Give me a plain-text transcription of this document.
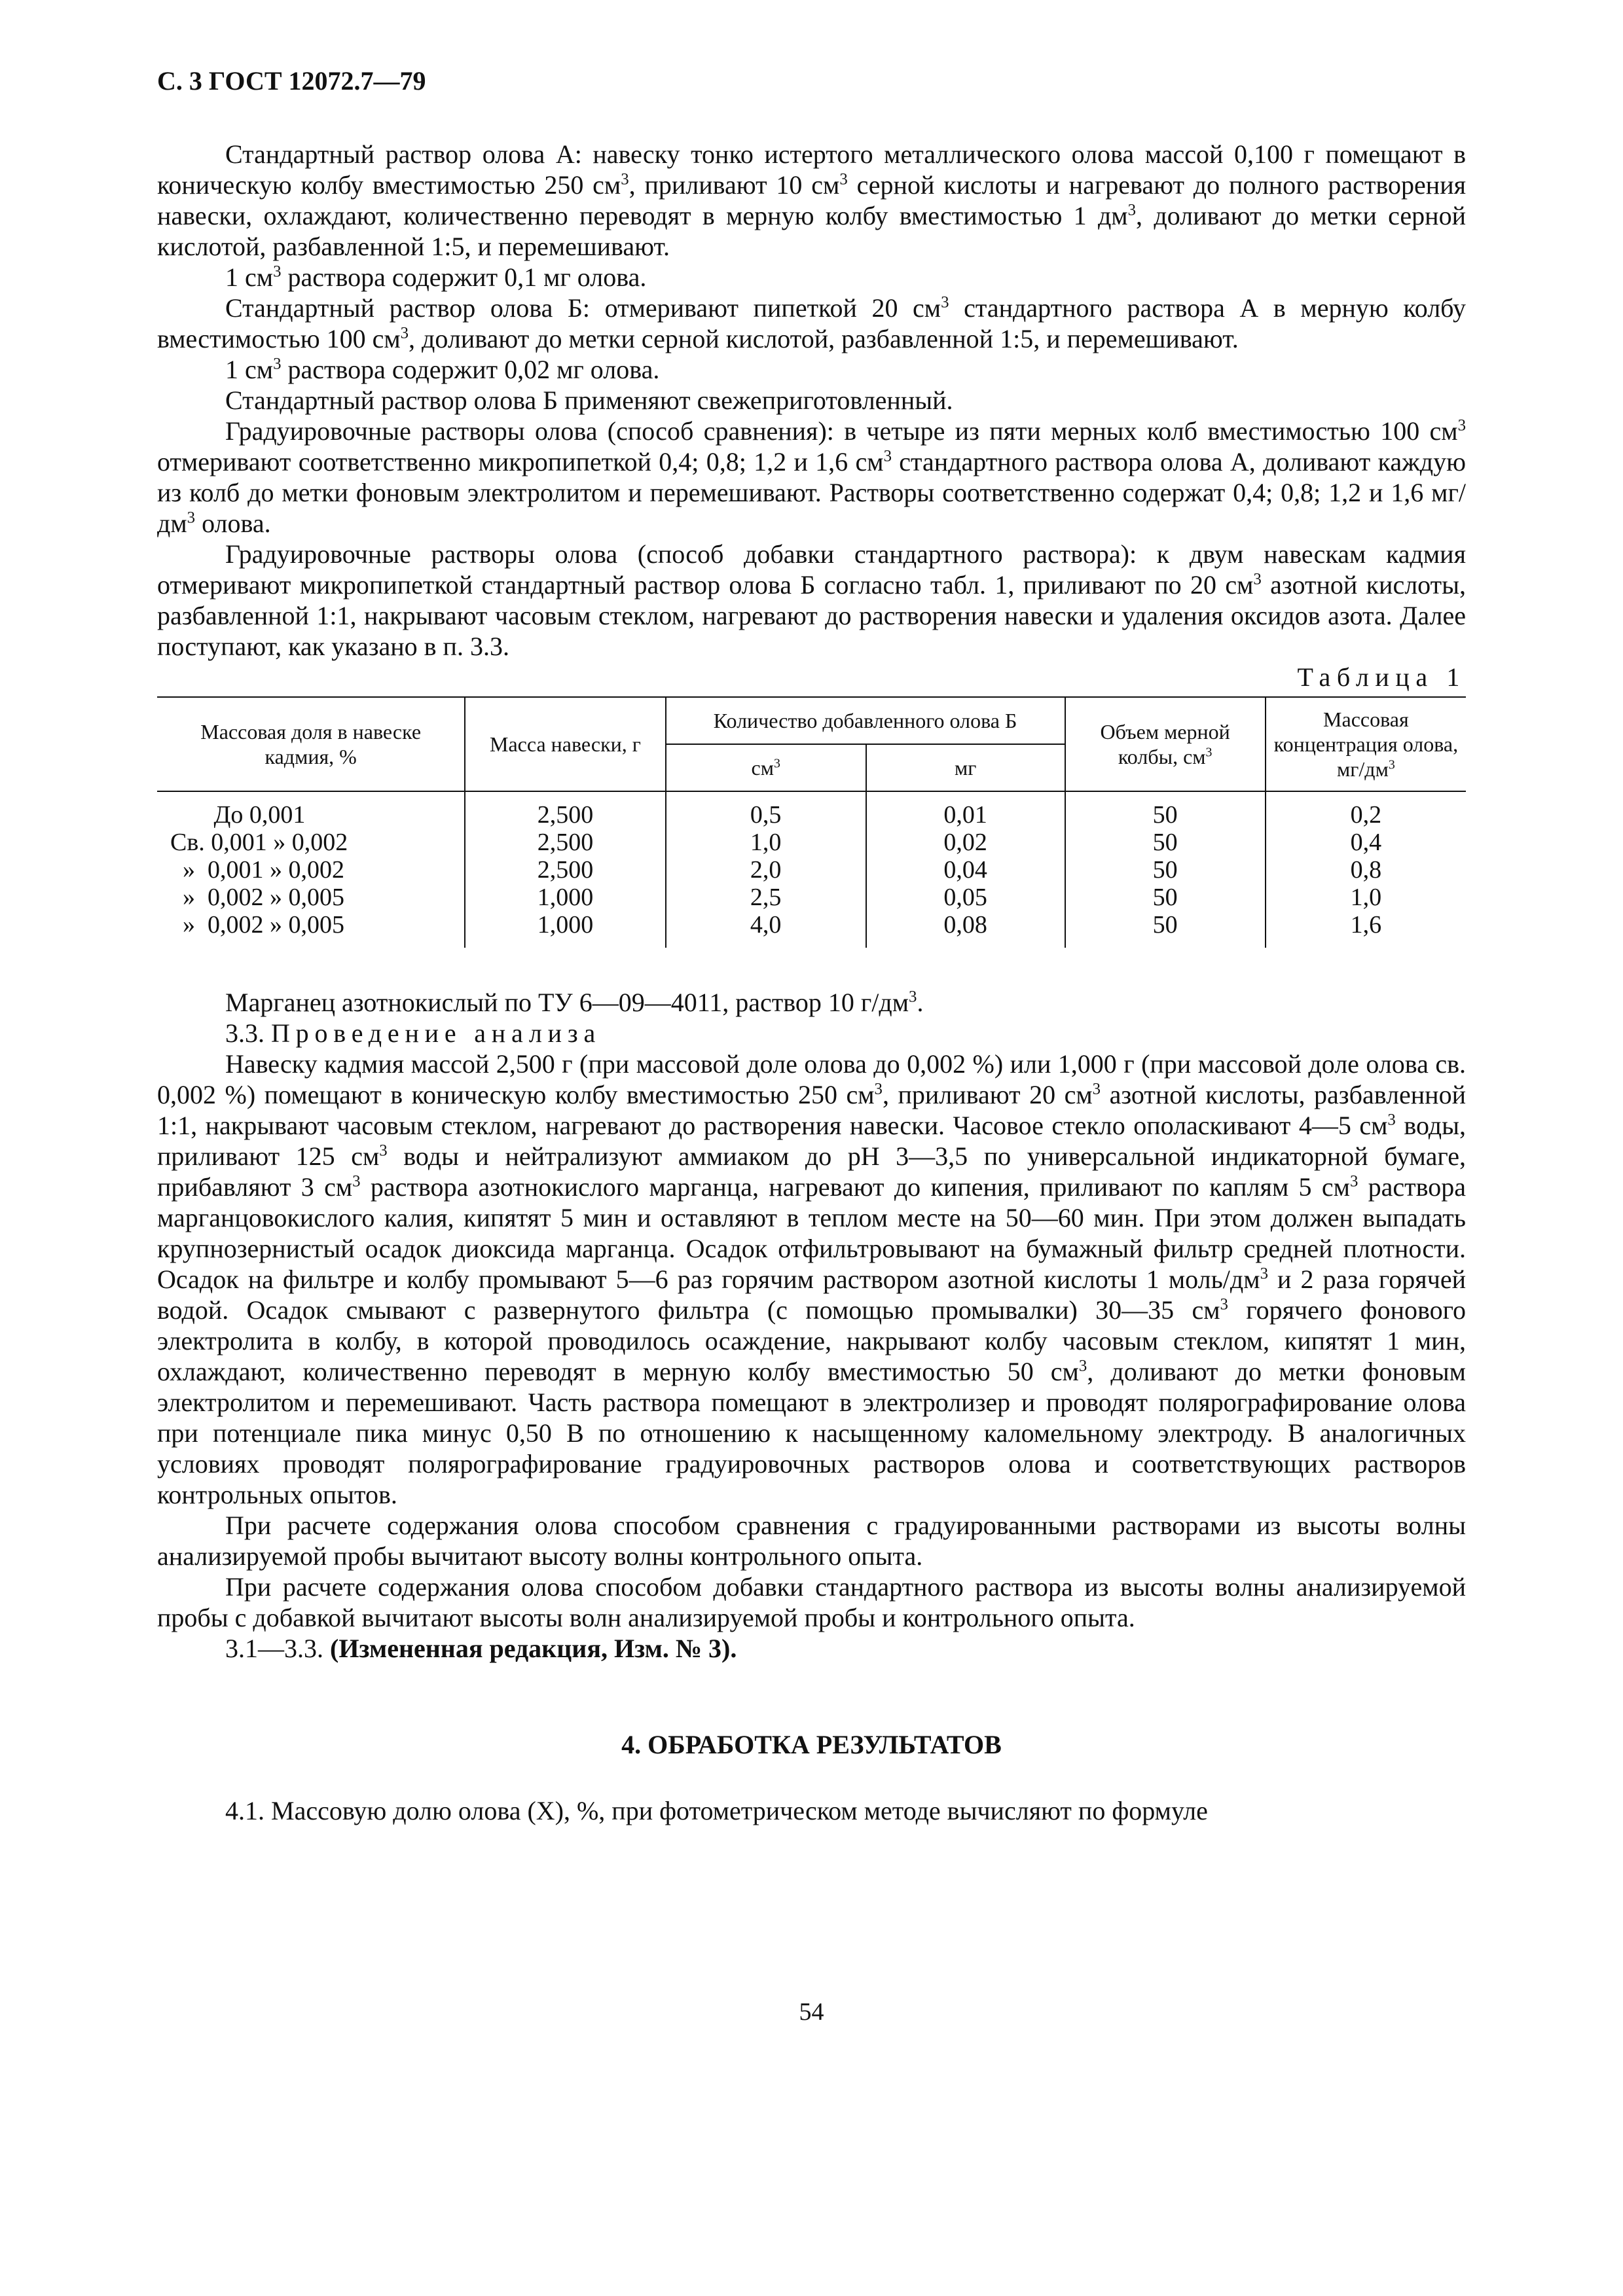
С. 3 ГОСТ 12072.7—79

Стандартный раствор олова А: навеску тонко истертого металлического олова массой 0,100 г помещают в коническую колбу вместимостью 250 $см^3$, приливают 10 $см^3$ серной кислоты и нагревают до полного растворения навески, охлаждают, количественно переводят в мерную колбу вместимостью 1 $дм^3$, доливают до метки серной кислотой, разбавленной 1:5, и перемешивают.

1 $см^3$ раствора содержит 0,1 мг олова.

Стандартный раствор олова Б: отмеривают пипеткой 20 $см^3$ стандартного раствора А в мерную колбу вместимостью 100 $см^3$, доливают до метки серной кислотой, разбавленной 1:5, и перемешивают.

1 $см^3$ раствора содержит 0,02 мг олова.

Стандартный раствор олова Б применяют свежеприготовленный.

Градуировочные растворы олова (способ сравнения): в четыре из пяти мерных колб вместимостью 100 $см^3$ отмеривают соответственно микропипеткой 0,4; 0,8; 1,2 и 1,6 $см^3$ стандартного раствора олова А, доливают каждую из колб до метки фоновым электролитом и перемешивают. Растворы соответственно содержат 0,4; 0,8; 1,2 и 1,6 $мг/дм^3$ олова.

Градуировочные растворы олова (способ добавки стандартного раствора): к двум навескам кадмия отмеривают микропипеткой стандартный раствор олова Б согласно табл. 1, приливают по 20 $см^3$ азотной кислоты, разбавленной 1:1, накрывают часовым стеклом, нагревают до растворения навески и удаления оксидов азота. Далее поступают, как указано в п. 3.3.

Таблица 1

Массовая доля в навеске кадмия, %	Масса навески, г	Количество добавленного олова Б		Объем мерной колбы, $см^3$	Массовая концентрация олова, $мг/дм^3$
		$см^3$	мг		
До 0,001	2,500	0,5	0,01	50	0,2
Св. 0,001 » 0,002	2,500	1,0	0,02	50	0,4
»  0,001 » 0,002	2,500	2,0	0,04	50	0,8
»  0,002 » 0,005	1,000	2,5	0,05	50	1,0
»  0,002 » 0,005	1,000	4,0	0,08	50	1,6

Марганец азотнокислый по ТУ 6—09—4011, раствор 10 $г/дм^3$.

3.3. Проведение анализа

Навеску кадмия массой 2,500 г (при массовой доле олова до 0,002 %) или 1,000 г (при массовой доле олова св. 0,002 %) помещают в коническую колбу вместимостью 250 $см^3$, приливают 20 $см^3$ азотной кислоты, разбавленной 1:1, накрывают часовым стеклом, нагревают до растворения навески. Часовое стекло ополаскивают 4—5 $см^3$ воды, приливают 125 $см^3$ воды и нейтрализуют аммиаком до pH 3—3,5 по универсальной индикаторной бумаге, прибавляют 3 $см^3$ раствора азотнокислого марганца, нагревают до кипения, приливают по каплям 5 $см^3$ раствора марганцовокислого калия, кипятят 5 мин и оставляют в теплом месте на 50—60 мин. При этом должен выпадать крупнозернистый осадок диоксида марганца. Осадок отфильтровывают на бумажный фильтр средней плотности. Осадок на фильтре и колбу промывают 5—6 раз горячим раствором азотной кислоты 1 моль/$дм^3$ и 2 раза горячей водой. Осадок смывают с развернутого фильтра (с помощью промывалки) 30—35 $см^3$ горячего фонового электролита в колбу, в которой проводилось осаждение, накрывают колбу часовым стеклом, кипятят 1 мин, охлаждают, количественно переводят в мерную колбу вместимостью 50 $см^3$, доливают до метки фоновым электролитом и перемешивают. Часть раствора помещают в электролизер и проводят полярографирование олова при потенциале пика минус 0,50 В по отношению к насыщенному каломельному электроду. В аналогичных условиях проводят полярографирование градуировочных растворов олова и соответствующих растворов контрольных опытов.

При расчете содержания олова способом сравнения с градуированными растворами из высоты волны анализируемой пробы вычитают высоту волны контрольного опыта.

При расчете содержания олова способом добавки стандартного раствора из высоты волны анализируемой пробы с добавкой вычитают высоты волн анализируемой пробы и контрольного опыта.

3.1—3.3. (Измененная редакция, Изм. № 3).

4. ОБРАБОТКА РЕЗУЛЬТАТОВ

4.1. Массовую долю олова (X), %, при фотометрическом методе вычисляют по формуле

54
